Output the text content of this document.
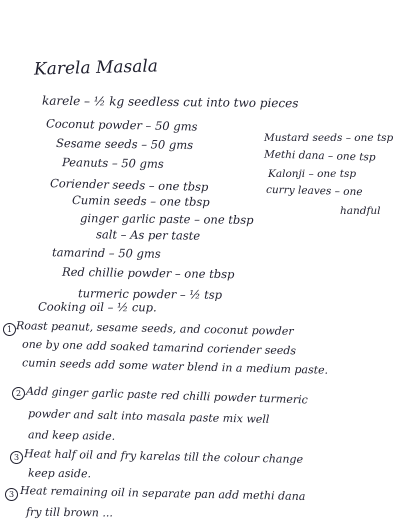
Karela Masala
karele – ½ kg seedless cut into two pieces
Coconut powder – 50 gms
Sesame seeds – 50 gms
Peanuts – 50 gms
Coriender seeds – one tbsp
Cumin seeds – one tbsp
ginger garlic paste – one tbsp
salt – As per taste
tamarind – 50 gms
Red chillie powder – one tbsp
turmeric powder – ½ tsp
Cooking oil – ½ cup.
Mustard seeds – one tsp
Methi dana – one tsp
Kalonji – one tsp
curry leaves – one
handful
1 Roast peanut, sesame seeds, and coconut powder
one by one add soaked tamarind coriender seeds
cumin seeds add some water blend in a medium paste.
2 Add ginger garlic paste red chilli powder turmeric
powder and salt into masala paste mix well
and keep aside.
3 Heat half oil and fry karelas till the colour change
keep aside.
3 Heat remaining oil in separate pan add methi dana
fry till brown ...
